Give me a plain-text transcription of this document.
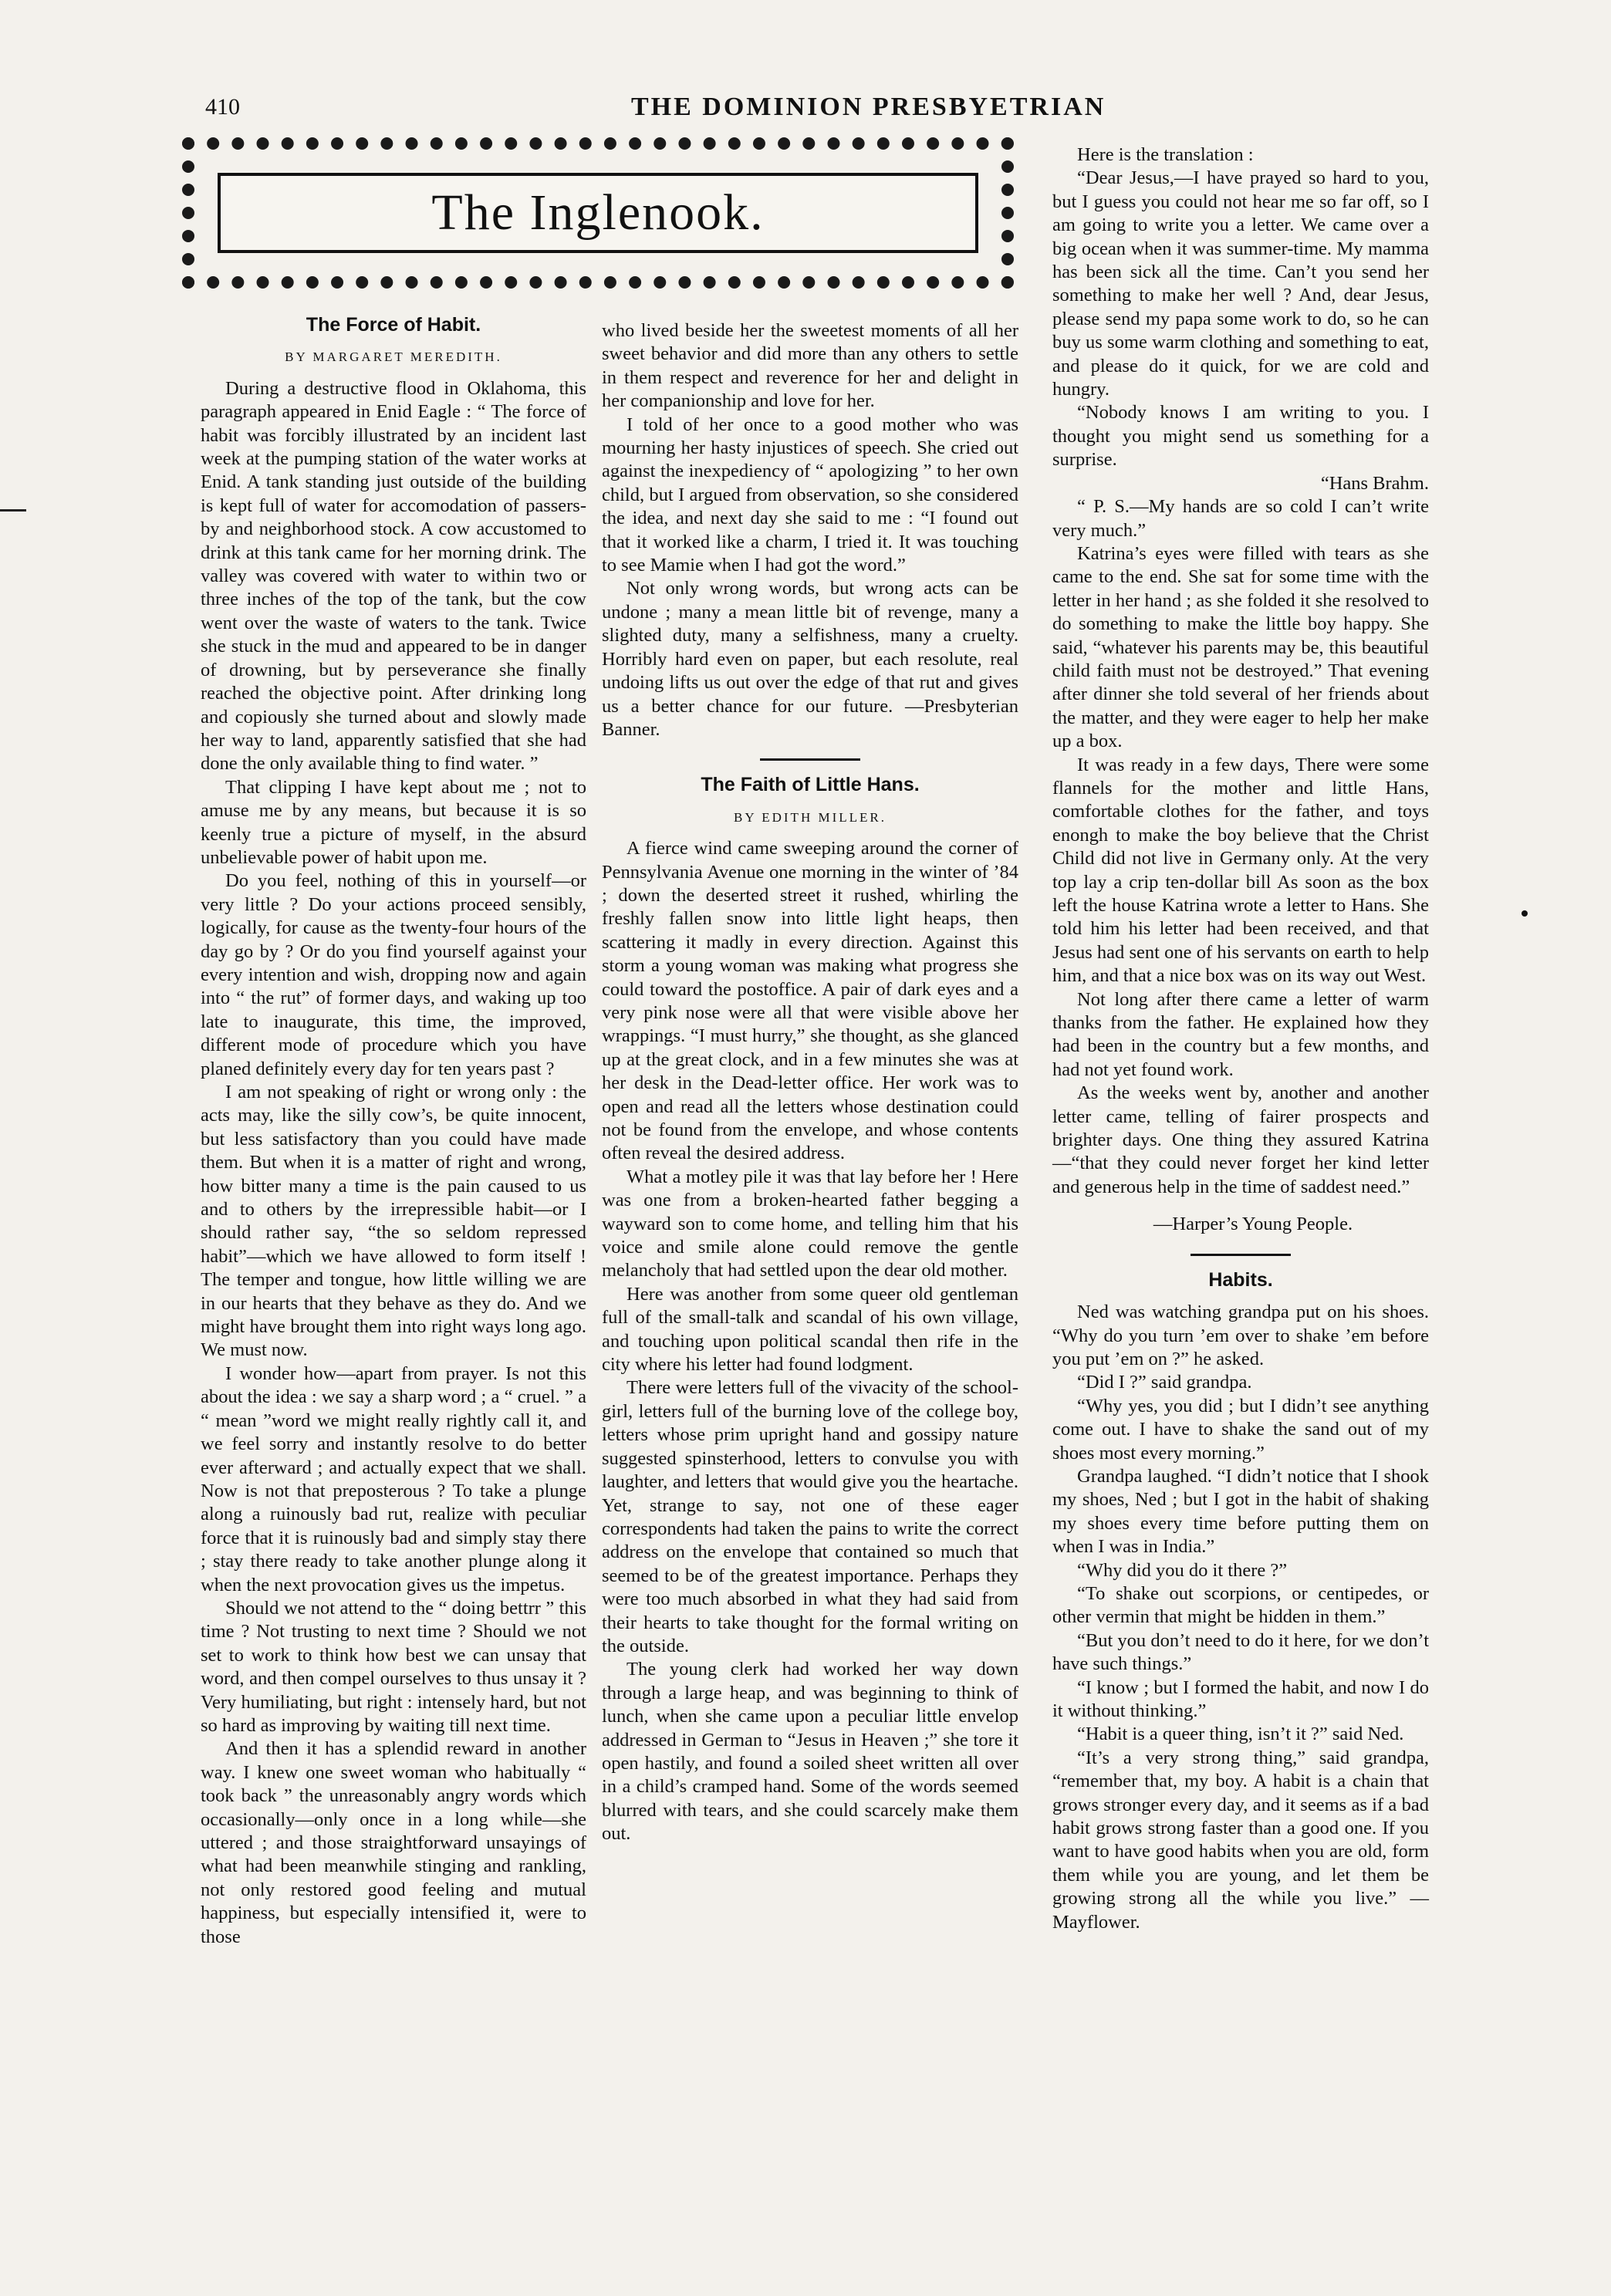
410	THE DOMINION PRESBYETRIAN
The Inglenook.
The Force of Habit.
BY MARGARET MEREDITH.

During a destructive flood in Oklahoma, this paragraph appeared in Enid Eagle : “ The force of habit was forcibly illustrated by an incident last week at the pumping station of the water works at Enid. A tank standing just outside of the building is kept full of water for accomodation of passers-by and neighborhood stock. A cow accustomed to drink at this tank came for her morning drink. The valley was covered with water to within two or three inches of the top of the tank, but the cow went over the waste of waters to the tank. Twice she stuck in the mud and appeared to be in danger of drowning, but by perseverance she finally reached the objective point. After drinking long and copiously she turned about and slowly made her way to land, apparently satisfied that she had done the only available thing to find water. ”

That clipping I have kept about me ; not to amuse me by any means, but because it is so keenly true a picture of myself, in the absurd unbelievable power of habit upon me.

Do you feel, nothing of this in yourself—or very little ? Do your actions proceed sensibly, logically, for cause as the twenty-four hours of the day go by ? Or do you find yourself against your every intention and wish, dropping now and again into “ the rut” of former days, and waking up too late to inaugurate, this time, the improved, different mode of procedure which you have planed definitely every day for ten years past ?

I am not speaking of right or wrong only : the acts may, like the silly cow’s, be quite innocent, but less satisfactory than you could have made them. But when it is a matter of right and wrong, how bitter many a time is the pain caused to us and to others by the irrepressible habit—or I should rather say, “the so seldom repressed habit”—which we have allowed to form itself ! The temper and tongue, how little willing we are in our hearts that they behave as they do. And we might have brought them into right ways long ago. We must now.

I wonder how—apart from prayer. Is not this about the idea : we say a sharp word ; a “ cruel. ” a “ mean ”word we might really rightly call it, and we feel sorry and instantly resolve to do better ever afterward ; and actually expect that we shall. Now is not that preposterous ? To take a plunge along a ruinously bad rut, realize with peculiar force that it is ruinously bad and simply stay there ; stay there ready to take another plunge along it when the next provocation gives us the impetus.

Should we not attend to the “ doing bettrr ” this time ? Not trusting to next time ? Should we not set to work to think how best we can unsay that word, and then compel ourselves to thus unsay it ? Very humiliating, but right : intensely hard, but not so hard as improving by waiting till next time.

And then it has a splendid reward in another way. I knew one sweet woman who habitually “ took back ” the unreasonably angry words which occasionally—only once in a long while—she uttered ; and those straightforward unsayings of what had been meanwhile stinging and rankling, not only restored good feeling and mutual happiness, but especially intensified it, were to those

who lived beside her the sweetest moments of all her sweet behavior and did more than any others to settle in them respect and reverence for her and delight in her companionship and love for her.

I told of her once to a good mother who was mourning her hasty injustices of speech. She cried out against the inexpediency of “ apologizing ” to her own child, but I argued from observation, so she considered the idea, and next day she said to me : “I found out that it worked like a charm, I tried it. It was touching to see Mamie when I had got the word.”

Not only wrong words, but wrong acts can be undone ; many a mean little bit of revenge, many a slighted duty, many a selfishness, many a cruelty. Horribly hard even on paper, but each resolute, real undoing lifts us out over the edge of that rut and gives us a better chance for our future. —Presbyterian Banner.

The Faith of Little Hans.
BY EDITH MILLER.

A fierce wind came sweeping around the corner of Pennsylvania Avenue one morning in the winter of ’84 ; down the deserted street it rushed, whirling the freshly fallen snow into little light heaps, then scattering it madly in every direction. Against this storm a young woman was making what progress she could toward the postoffice. A pair of dark eyes and a very pink nose were all that were visible above her wrappings. “I must hurry,” she thought, as she glanced up at the great clock, and in a few minutes she was at her desk in the Dead-letter office. Her work was to open and read all the letters whose destination could not be found from the envelope, and whose contents often reveal the desired address.

What a motley pile it was that lay before her ! Here was one from a broken-hearted father begging a wayward son to come home, and telling him that his voice and smile alone could remove the gentle melancholy that had settled upon the dear old mother.

Here was another from some queer old gentleman full of the small-talk and scandal of his own village, and touching upon political scandal then rife in the city where his letter had found lodgment.

There were letters full of the vivacity of the school-girl, letters full of the burning love of the college boy, letters whose prim upright hand and gossipy nature suggested spinsterhood, letters to convulse you with laughter, and letters that would give you the heartache. Yet, strange to say, not one of these eager correspondents had taken the pains to write the correct address on the envelope that contained so much that seemed to be of the greatest importance. Perhaps they were too much absorbed in what they had said from their hearts to take thought for the formal writing on the outside.

The young clerk had worked her way down through a large heap, and was beginning to think of lunch, when she came upon a peculiar little envelop addressed in German to “Jesus in Heaven ;” she tore it open hastily, and found a soiled sheet written all over in a child’s cramped hand. Some of the words seemed blurred with tears, and she could scarcely make them out.

Here is the translation :

“Dear Jesus,—I have prayed so hard to you, but I guess you could not hear me so far off, so I am going to write you a letter. We came over a big ocean when it was summer-time. My mamma has been sick all the time. Can’t you send her something to make her well ? And, dear Jesus, please send my papa some work to do, so he can buy us some warm clothing and something to eat, and please do it quick, for we are cold and hungry.

“Nobody knows I am writing to you. I thought you might send us something for a surprise.

“Hans Brahm.

“ P. S.—My hands are so cold I can’t write very much.”

Katrina’s eyes were filled with tears as she came to the end. She sat for some time with the letter in her hand ; as she folded it she resolved to do something to make the little boy happy. She said, “whatever his parents may be, this beautiful child faith must not be destroyed.” That evening after dinner she told several of her friends about the matter, and they were eager to help her make up a box.

It was ready in a few days, There were some flannels for the mother and little Hans, comfortable clothes for the father, and toys enongh to make the boy believe that the Christ Child did not live in Germany only. At the very top lay a crip ten-dollar bill As soon as the box left the house Katrina wrote a letter to Hans. She told him his letter had been received, and that Jesus had sent one of his servants on earth to help him, and that a nice box was on its way out West.

Not long after there came a letter of warm thanks from the father. He explained how they had been in the country but a few months, and had not yet found work.

As the weeks went by, another and another letter came, telling of fairer prospects and brighter days. One thing they assured Katrina—“that they could never forget her kind letter and generous help in the time of saddest need.”

—Harper’s Young People.

Habits.

Ned was watching grandpa put on his shoes. “Why do you turn ’em over to shake ’em before you put ’em on ?” he asked.

“Did I ?” said grandpa.

“Why yes, you did ; but I didn’t see anything come out. I have to shake the sand out of my shoes most every morning.”

Grandpa laughed. “I didn’t notice that I shook my shoes, Ned ; but I got in the habit of shaking my shoes every time before putting them on when I was in India.”

“Why did you do it there ?”

“To shake out scorpions, or centipedes, or other vermin that might be hidden in them.”

“But you don’t need to do it here, for we don’t have such things.”

“I know ; but I formed the habit, and now I do it without thinking.”

“Habit is a queer thing, isn’t it ?” said Ned.

“It’s a very strong thing,” said grandpa, “remember that, my boy. A habit is a chain that grows stronger every day, and it seems as if a bad habit grows strong faster than a good one. If you want to have good habits when you are old, form them while you are young, and let them be growing strong all the while you live.” —Mayflower.
